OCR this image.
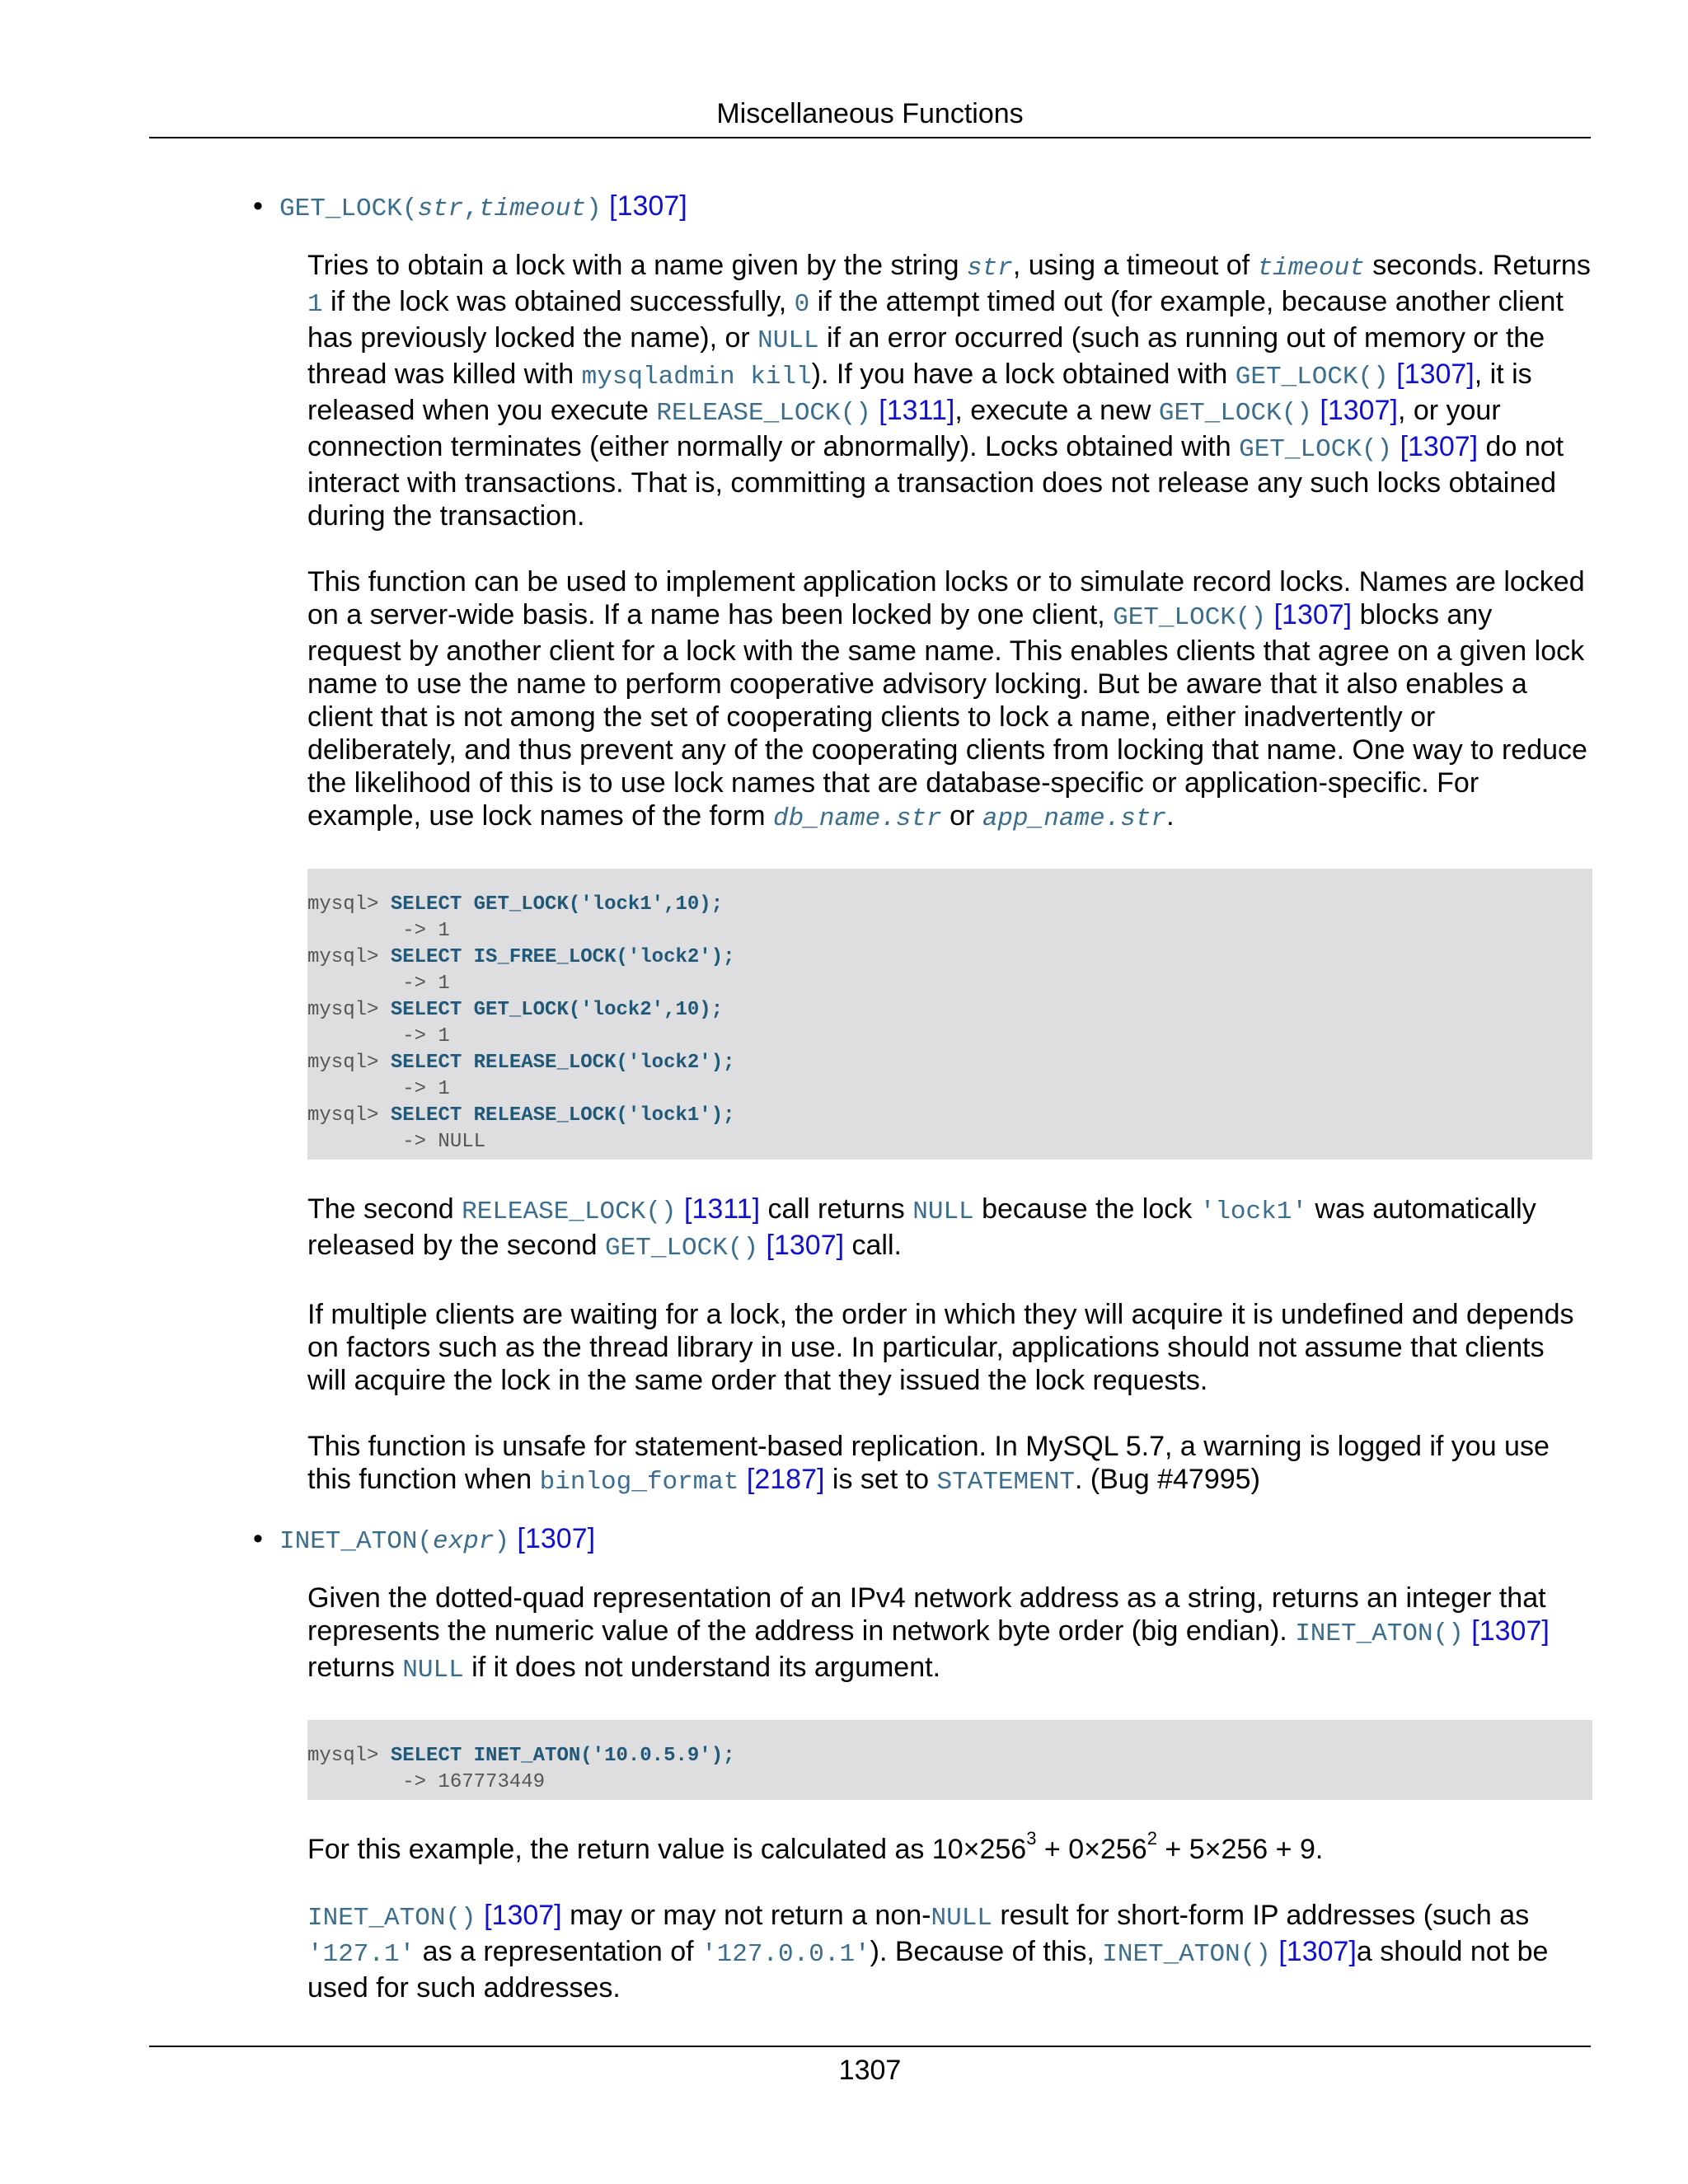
Miscellaneous Functions
• GET_LOCK(str,timeout) [1307]

Tries to obtain a lock with a name given by the string str, using a timeout of timeout seconds. Returns 1 if the lock was obtained successfully, 0 if the attempt timed out (for example, because another client has previously locked the name), or NULL if an error occurred (such as running out of memory or the thread was killed with mysqladmin kill). If you have a lock obtained with GET_LOCK() [1307], it is released when you execute RELEASE_LOCK() [1311], execute a new GET_LOCK() [1307], or your connection terminates (either normally or abnormally). Locks obtained with GET_LOCK() [1307] do not interact with transactions. That is, committing a transaction does not release any such locks obtained during the transaction.

This function can be used to implement application locks or to simulate record locks. Names are locked on a server-wide basis. If a name has been locked by one client, GET_LOCK() [1307] blocks any request by another client for a lock with the same name. This enables clients that agree on a given lock name to use the name to perform cooperative advisory locking. But be aware that it also enables a client that is not among the set of cooperating clients to lock a name, either inadvertently or deliberately, and thus prevent any of the cooperating clients from locking that name. One way to reduce the likelihood of this is to use lock names that are database-specific or application-specific. For example, use lock names of the form db_name.str or app_name.str.

mysql> SELECT GET_LOCK('lock1',10);
-> 1
mysql> SELECT IS_FREE_LOCK('lock2');
-> 1
mysql> SELECT GET_LOCK('lock2',10);
-> 1
mysql> SELECT RELEASE_LOCK('lock2');
-> 1
mysql> SELECT RELEASE_LOCK('lock1');
-> NULL

The second RELEASE_LOCK() [1311] call returns NULL because the lock 'lock1' was automatically released by the second GET_LOCK() [1307] call.

If multiple clients are waiting for a lock, the order in which they will acquire it is undefined and depends on factors such as the thread library in use. In particular, applications should not assume that clients will acquire the lock in the same order that they issued the lock requests.

This function is unsafe for statement-based replication. In MySQL 5.7, a warning is logged if you use this function when binlog_format [2187] is set to STATEMENT. (Bug #47995)

• INET_ATON(expr) [1307]

Given the dotted-quad representation of an IPv4 network address as a string, returns an integer that represents the numeric value of the address in network byte order (big endian). INET_ATON() [1307] returns NULL if it does not understand its argument.

mysql> SELECT INET_ATON('10.0.5.9');
-> 167773449

For this example, the return value is calculated as $10\times 256^3 + 0\times 256^2 + 5\times 256 + 9$.

INET_ATON() [1307] may or may not return a non-NULL result for short-form IP addresses (such as '127.1' as a representation of '127.0.0.1'). Because of this, INET_ATON() [1307]a should not be used for such addresses.

1307
